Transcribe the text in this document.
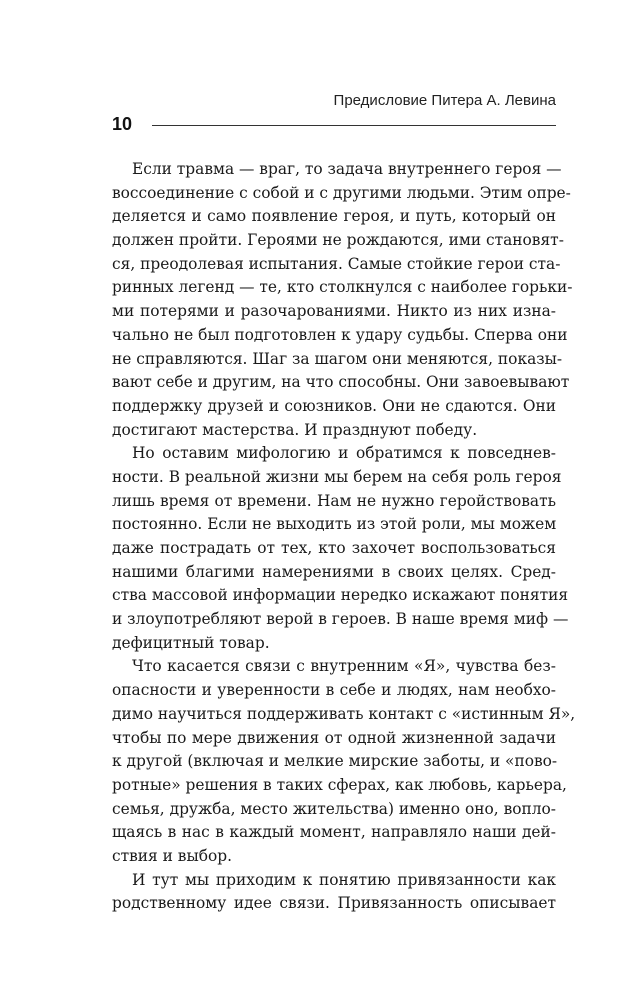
Предисловие Питера А. Левина
10
Если травма — враг, то задача внутреннего героя —
воссоединение с собой и с другими людьми. Этим опре-
деляется и само появление героя, и путь, который он
должен пройти. Героями не рождаются, ими становят-
ся, преодолевая испытания. Самые стойкие герои ста-
ринных легенд — те, кто столкнулся с наиболее горьки-
ми потерями и разочарованиями. Никто из них изна-
чально не был подготовлен к удару судьбы. Сперва они
не справляются. Шаг за шагом они меняются, показы-
вают себе и другим, на что способны. Они завоевывают
поддержку друзей и союзников. Они не сдаются. Они
достигают мастерства. И празднуют победу.
Но оставим мифологию и обратимся к повседнев-
ности. В реальной жизни мы берем на себя роль героя
лишь время от времени. Нам не нужно геройствовать
постоянно. Если не выходить из этой роли, мы можем
даже пострадать от тех, кто захочет воспользоваться
нашими благими намерениями в своих целях. Сред-
ства массовой информации нередко искажают понятия
и злоупотребляют верой в героев. В наше время миф —
дефицитный товар.
Что касается связи с внутренним «Я», чувства без-
опасности и уверенности в себе и людях, нам необхо-
димо научиться поддерживать контакт с «истинным Я»,
чтобы по мере движения от одной жизненной задачи
к другой (включая и мелкие мирские заботы, и «пово-
ротные» решения в таких сферах, как любовь, карьера,
семья, дружба, место жительства) именно оно, вопло-
щаясь в нас в каждый момент, направляло наши дей-
ствия и выбор.
И тут мы приходим к понятию привязанности как
родственному идее связи. Привязанность описывает
